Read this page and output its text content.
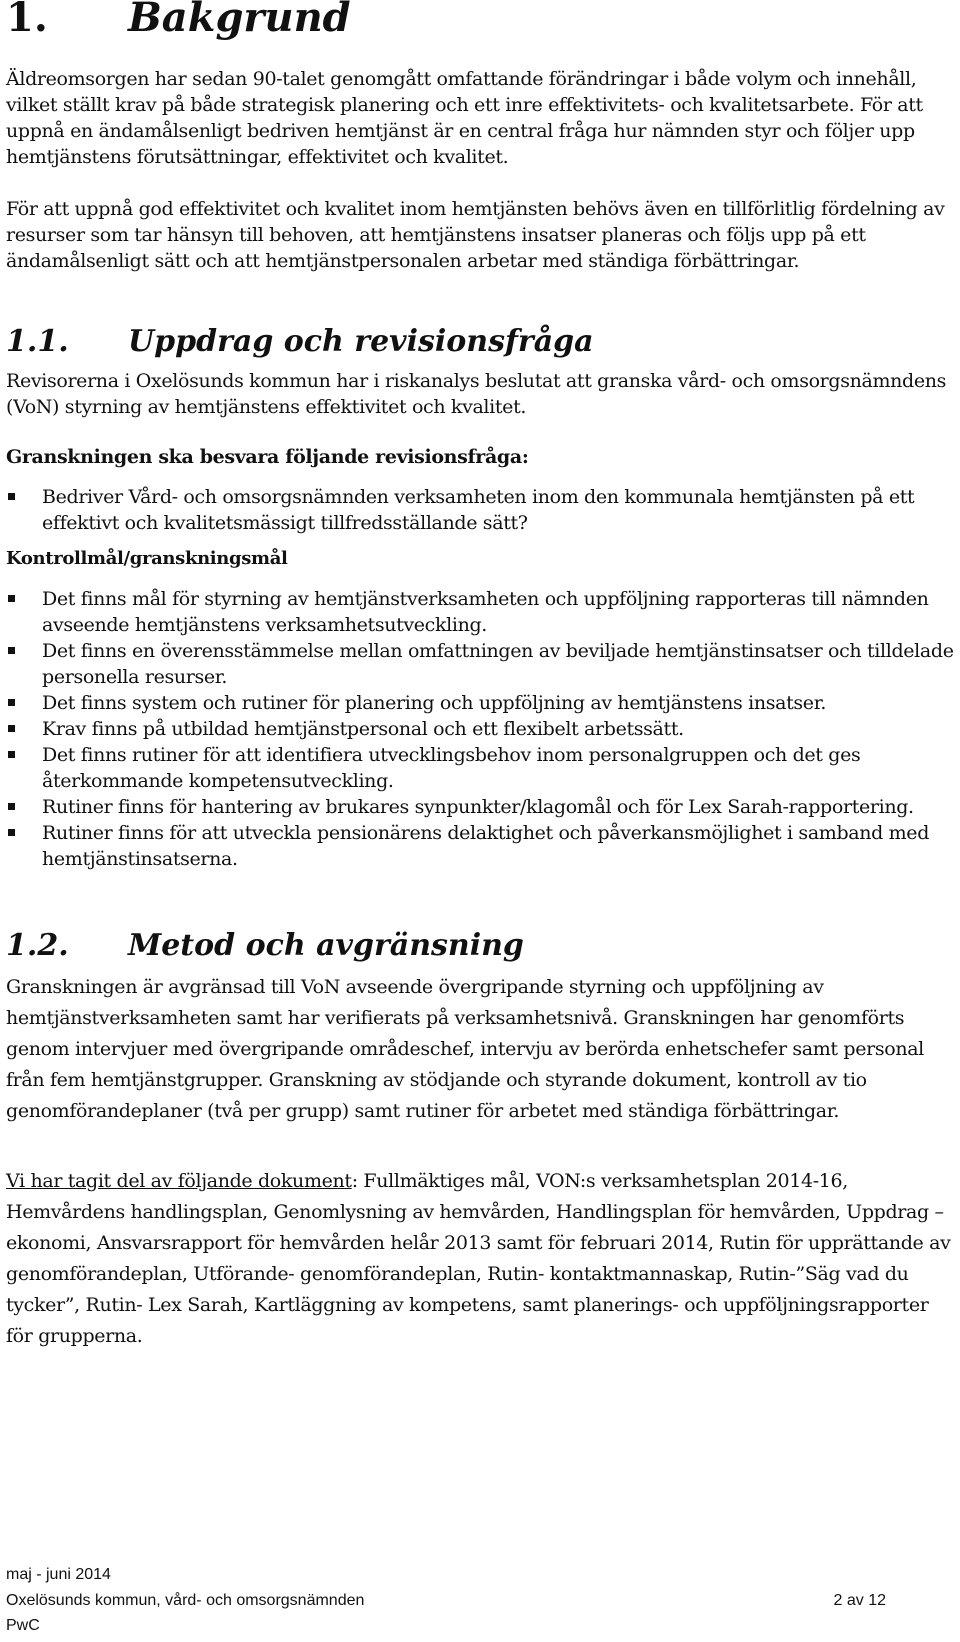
1. Bakgrund

Äldreomsorgen har sedan 90-talet genomgått omfattande förändringar i både volym och innehåll, vilket ställt krav på både strategisk planering och ett inre effektivitets- och kvalitetsarbete. För att uppnå en ändamålsenligt bedriven hemtjänst är en central fråga hur nämnden styr och följer upp hemtjänstens förutsättningar, effektivitet och kvalitet.

För att uppnå god effektivitet och kvalitet inom hemtjänsten behövs även en tillförlitlig fördelning av resurser som tar hänsyn till behoven, att hemtjänstens insatser planeras och följs upp på ett ändamålsenligt sätt och att hemtjänstpersonalen arbetar med ständiga förbättringar.

1.1. Uppdrag och revisionsfråga

Revisorerna i Oxelösunds kommun har i riskanalys beslutat att granska vård- och omsorgsnämndens (VoN) styrning av hemtjänstens effektivitet och kvalitet.

Granskningen ska besvara följande revisionsfråga:

Bedriver Vård- och omsorgsnämnden verksamheten inom den kommunala hemtjänsten på ett effektivt och kvalitetsmässigt tillfredsställande sätt?

Kontrollmål/granskningsmål

Det finns mål för styrning av hemtjänstverksamheten och uppföljning rapporteras till nämnden avseende hemtjänstens verksamhetsutveckling.
Det finns en överensstämmelse mellan omfattningen av beviljade hemtjänstinsatser och tilldelade personella resurser.
Det finns system och rutiner för planering och uppföljning av hemtjänstens insatser.
Krav finns på utbildad hemtjänstpersonal och ett flexibelt arbetssätt.
Det finns rutiner för att identifiera utvecklingsbehov inom personalgruppen och det ges återkommande kompetensutveckling.
Rutiner finns för hantering av brukares synpunkter/klagomål och för Lex Sarah-rapportering.
Rutiner finns för att utveckla pensionärens delaktighet och påverkansmöjlighet i samband med hemtjänstinsatserna.
1.2. Metod och avgränsning

Granskningen är avgränsad till VoN avseende övergripande styrning och uppföljning av hemtjänstverksamheten samt har verifierats på verksamhetsnivå. Granskningen har genomförts genom intervjuer med övergripande områdeschef, intervju av berörda enhetschefer samt personal från fem hemtjänstgrupper. Granskning av stödjande och styrande dokument, kontroll av tio genomförandeplaner (två per grupp) samt rutiner för arbetet med ständiga förbättringar.

Vi har tagit del av följande dokument: Fullmäktiges mål, VON:s verksamhetsplan 2014-16, Hemvårdens handlingsplan, Genomlysning av hemvården, Handlingsplan för hemvården, Uppdrag – ekonomi, Ansvarsrapport för hemvården helår 2013 samt för februari 2014, Rutin för upprättande av genomförandeplan, Utförande- genomförandeplan, Rutin- kontaktmannaskap, Rutin-”Säg vad du tycker”, Rutin- Lex Sarah, Kartläggning av kompetens, samt planerings- och uppföljningsrapporter för grupperna.

maj - juni 2014
Oxelösunds kommun, vård- och omsorgsnämnden	2 av 12
PwC
